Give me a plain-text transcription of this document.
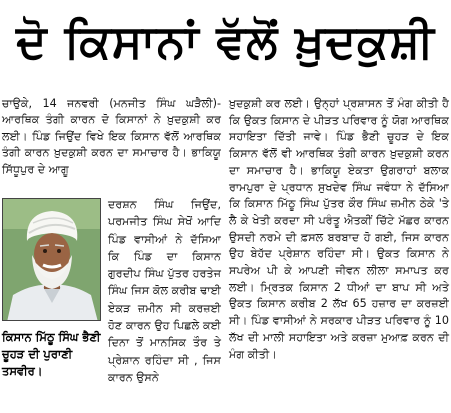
ਦੋ ਕਿਸਾਨਾਂ ਵੱਲੋਂ ਖ਼ੁਦਕੁਸ਼ੀ

ਚਾਉਕੇ, 14 ਜਨਵਰੀ (ਮਨਜੀਤ ਸਿੰਘ ਘੜੈਲੀ)- ਆਰਥਿਕ ਤੰਗੀ ਕਾਰਨ ਦੋ ਕਿਸਾਨਾਂ ਨੇ ਖ਼ੁਦਕੁਸ਼ੀ ਕਰ ਲਈ। ਪਿੰਡ ਜਿਉਂਦ ਵਿਖੇ ਇਕ ਕਿਸਾਨ ਵੱਲੋਂ ਆਰਥਿਕ ਤੰਗੀ ਕਾਰਨ ਖ਼ੁਦਕੁਸ਼ੀ ਕਰਨ ਦਾ ਸਮਾਚਾਰ ਹੈ। ਭਾਕਿਯੂ ਸਿੱਧੂਪੁਰ ਦੇ ਆਗੂ

ਦਰਸ਼ਨ ਸਿੰਘ ਜਿਉਂਦ, ਪਰਮਜੀਤ ਸਿੰਘ ਸੇਖੋਂ ਆਦਿ ਪਿੰਡ ਵਾਸੀਆਂ ਨੇ ਦੱਸਿਆ ਕਿ ਪਿੰਡ ਦਾ ਕਿਸਾਨ ਗੁਰਦੀਪ ਸਿੰਘ ਪੁੱਤਰ ਹਰਤੇਜ ਸਿੰਘ ਜਿਸ ਕੋਲ ਕਰੀਬ ਢਾਈ ਏਕੜ ਜ਼ਮੀਨ ਸੀ ਕਰਜ਼ਈ ਹੋਣ ਕਾਰਨ ਉਹ ਪਿਛਲੇ ਕਈ ਦਿਨਾ ਤੋਂ ਮਾਨਸਿਕ ਤੌਰ ਤੇ ਪ੍ਰੇਸ਼ਾਨ ਰਹਿੰਦਾ ਸੀ , ਜਿਸ ਕਾਰਨ ਉਸਨੇ

ਕਿਸਾਨ ਮਿੱਠੂ ਸਿੰਘ ਭੈਣੀ ਚੂਹੜ ਦੀ ਪੁਰਾਣੀ ਤਸਵੀਰ।

ਖ਼ੁਦਕੁਸ਼ੀ ਕਰ ਲਈ। ਉਨ੍ਹਾਂ ਪ੍ਰਸ਼ਾਸਨ ਤੋਂ ਮੰਗ ਕੀਤੀ ਹੈ ਕਿ ਉਕਤ ਕਿਸਾਨ ਦੇ ਪੀੜਤ ਪਰਿਵਾਰ ਨੂੰ ਯੋਗ ਆਰਥਿਕ ਸਹਾਇਤਾ ਦਿੱਤੀ ਜਾਵੇ। ਪਿੰਡ ਭੈਣੀ ਚੂਹੜ ਦੇ ਇਕ ਕਿਸਾਨ ਵੱਲੋਂ ਵੀ ਆਰਥਿਕ ਤੰਗੀ ਕਾਰਨ ਖ਼ੁਦਕੁਸ਼ੀ ਕਰਨ ਦਾ ਸਮਾਚਾਰ ਹੈ। ਭਾਕਿਯੂ ਏਕਤਾ ਉਗਰਾਹਾਂ ਬਲਾਕ ਰਾਮਪੁਰਾ ਦੇ ਪ੍ਰਧਾਨ ਸੁਖਦੇਵ ਸਿੰਘ ਜਵੰਧਾ ਨੇ ਦੱਸਿਆ ਕਿ ਕਿਸਾਨ ਮਿੱਠੂ ਸਿੰਘ ਪੁੱਤਰ ਕੌਰ ਸਿੰਘ ਜ਼ਮੀਨ ਠੇਕੇ 'ਤੇ ਲੈ ਕੇ ਖੇਤੀ ਕਰਦਾ ਸੀ ਪਰੰਤੂ ਐਤਕੀਂ ਚਿੱਟੇ ਮੱਛਰ ਕਾਰਨ ਉਸਦੀ ਨਰਮੇ ਦੀ ਫ਼ਸਲ ਬਰਬਾਦ ਹੋ ਗਈ, ਜਿਸ ਕਾਰਨ ਉਹ ਬੇਹੱਦ ਪ੍ਰੇਸ਼ਾਨ ਰਹਿੰਦਾ ਸੀ। ਉਕਤ ਕਿਸਾਨ ਨੇ ਸਪਰੇਅ ਪੀ ਕੇ ਆਪਣੀ ਜੀਵਨ ਲੀਲਾ ਸਮਾਪਤ ਕਰ ਲਈ। ਮ੍ਰਿਤਕ ਕਿਸਾਨ 2 ਧੀਆਂ ਦਾ ਬਾਪ ਸੀ ਅਤੇ ਉਕਤ ਕਿਸਾਨ ਕਰੀਬ 2 ਲੱਖ 65 ਹਜ਼ਾਰ ਦਾ ਕਰਜ਼ਈ ਸੀ। ਪਿੰਡ ਵਾਸੀਆਂ ਨੇ ਸਰਕਾਰ ਪੀੜਤ ਪਰਿਵਾਰ ਨੂੰ 10 ਲੱਖ ਦੀ ਮਾਲੀ ਸਹਾਇਤਾ ਅਤੇ ਕਰਜ਼ਾ ਮੁਆਫ਼ ਕਰਨ ਦੀ ਮੰਗ ਕੀਤੀ।
